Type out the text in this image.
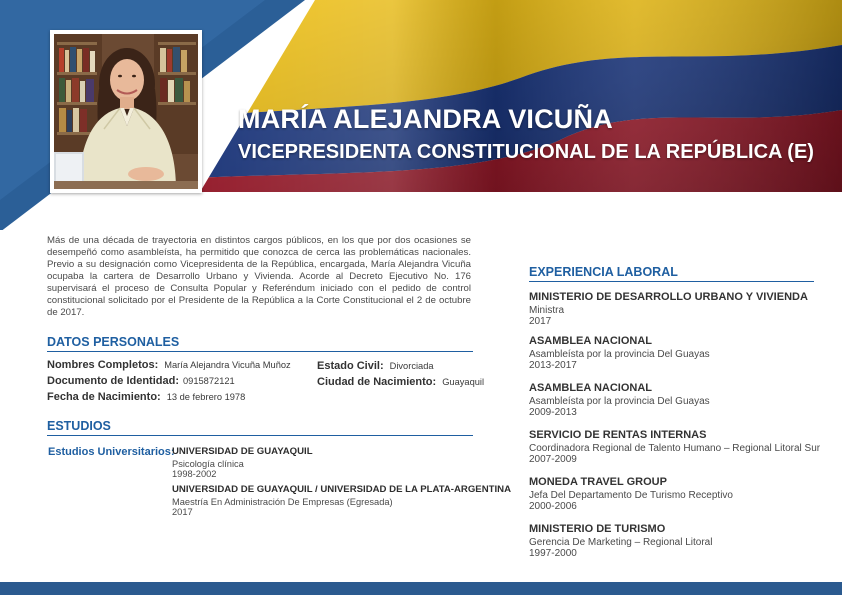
MARÍA ALEJANDRA VICUÑA
VICEPRESIDENTA CONSTITUCIONAL DE LA REPÚBLICA (E)

Más de una década de trayectoria en distintos cargos públicos, en los que por dos ocasiones se desempeñó como asambleísta, ha permitido que conozca de cerca las problemáticas nacionales. Previo a su designación como Vicepresidenta de la República, encargada, María Alejandra Vicuña ocupaba la cartera de Desarrollo Urbano y Vivienda. Acorde al Decreto Ejecutivo No. 176 supervisará el proceso de Consulta Popular y Referéndum iniciado con el pedido de control constitucional solicitado por el Presidente de la República a la Corte Constitucional el 2 de octubre de 2017.

DATOS PERSONALES
Nombres Completos: María Alejandra Vicuña Muñoz
Documento de Identidad: 0915872121
Fecha de Nacimiento: 13 de febrero 1978
Estado Civil: Divorciada
Ciudad de Nacimiento: Guayaquil
ESTUDIOS
Estudios Universitarios:
UNIVERSIDAD DE GUAYAQUIL
Psicología clínica
1998-2002
UNIVERSIDAD DE GUAYAQUIL / UNIVERSIDAD DE LA PLATA-ARGENTINA
Maestría En Administración De Empresas (Egresada)
2017
EXPERIENCIA LABORAL
MINISTERIO DE DESARROLLO URBANO Y VIVIENDA
Ministra
2017
ASAMBLEA NACIONAL
Asambleísta por la provincia Del Guayas
2013-2017
ASAMBLEA NACIONAL
Asambleísta por la provincia Del Guayas
2009-2013
SERVICIO DE RENTAS INTERNAS
Coordinadora Regional de Talento Humano – Regional Litoral Sur
2007-2009
MONEDA TRAVEL GROUP
Jefa Del Departamento De Turismo Receptivo
2000-2006
MINISTERIO DE TURISMO
Gerencia De Marketing – Regional Litoral
1997-2000
